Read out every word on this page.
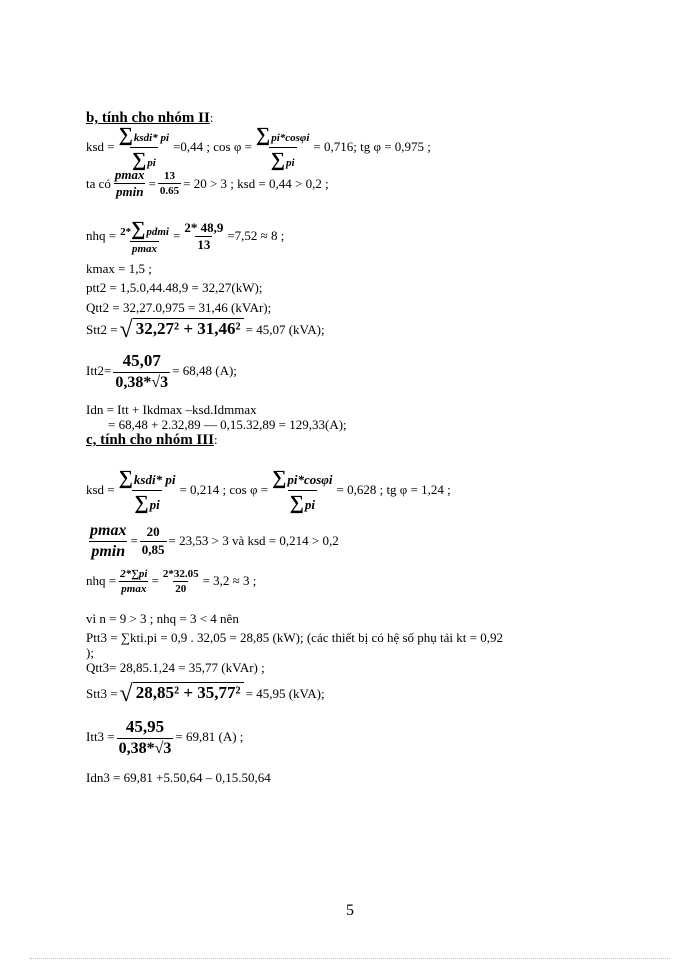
b, tính cho nhóm II :
ksd =
∑ksdi* pi
∑pi
=0,44 ; $\cos \varphi = \frac{\sum pi*\cos\varphi i}{\sum pi} = 0,716$; tg φ = 0,975 ;
ta có
pmax
pmin
= $\frac{13}{0.65} = 20 > 3$ ; ksd = 0,44 > 0,2 ;
nhq = 2*∑pdmi
pmax
= $\frac{2* 48,9}{13} =7,52 \approx 8$ ;
kmax = 1,5 ;
ptt2 = 1,5.0,44.48,9 = 32,27(kW);
Qtt2 = 32,27.0,975 = 31,46 (kVAr);
Stt2 = √ 32,27² + 31,46² = 45,07 (kVA);
$Itt2= \frac{45,07}{0,38*√3} = 68,48$ (A);
Idn = Itt + Ikdmax –ksd.Idmmax
= 68,48 + 2.32,89 — 0,15.32,89 = 129,33(A);
c, tính cho nhóm III :
ksd =
∑ksdi* pi
∑pi
= 0,214 ; $\cos \varphi = \frac{\sum pi*\cos\varphi i}{\sum pi} = 0,628$ ; tg φ = 1,24 ;
pmax
pmin
= $\frac{20}{0,85} = 23,53 > 3$ và ksd = 0,214 > 0,2
nhq = 2*∑pi
pmax
= $\frac{2*32.05}{20} = 3,2 \approx 3$ ;
vì n = 9 > 3 ; nhq = 3 < 4 nên
Ptt3 = ∑kti.pi = 0,9 . 32,05 = 28,85 (kW); (các thiết bị có hệ số phụ tải kt = 0,92
);
Qtt3= 28,85.1,24 = 35,77 (kVAr) ;
Stt3 = √ 28,85² + 35,77² = 45,95 (kVA);
$Itt3 = \frac{45,95}{0,38*√3} = 69,81$ (A) ;
Idn3 = 69,81 +5.50,64 – 0,15.50,64
5
